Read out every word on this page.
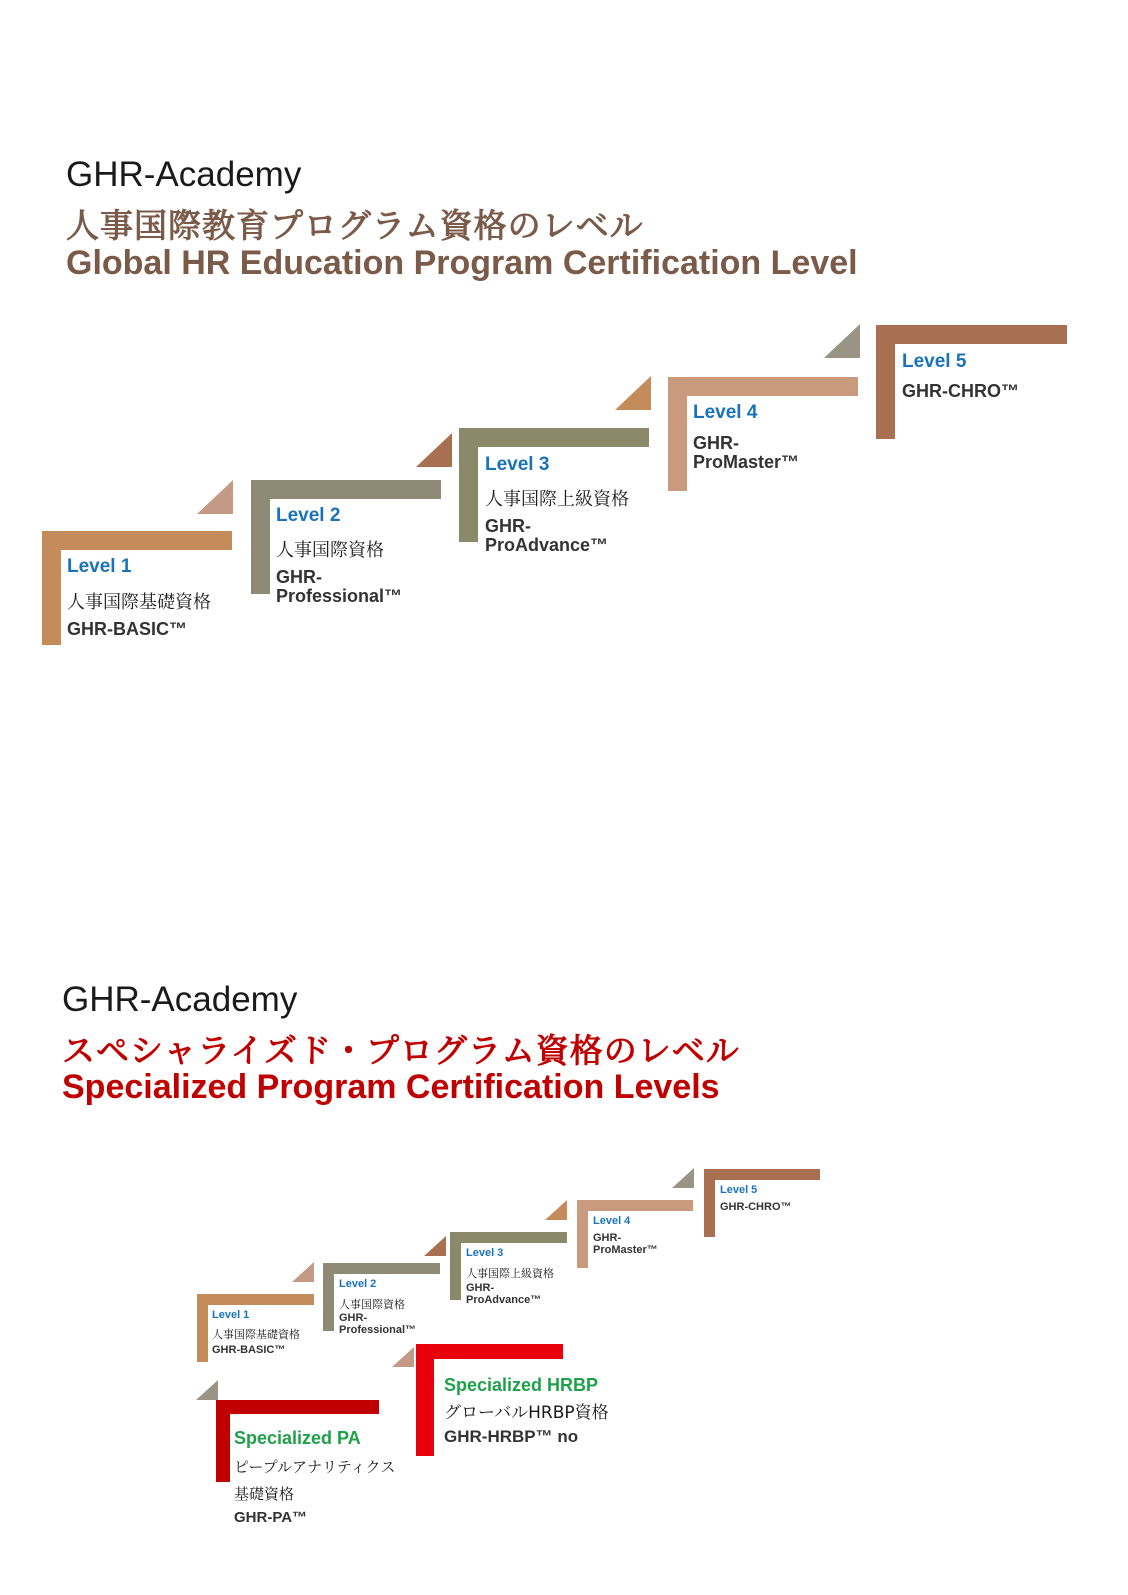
GHR-Academy
人事国際教育プログラム資格のレベル
Global HR Education Program Certification Level
Level 1
人事国際基礎資格
GHR-BASIC™
Level 2
人事国際資格
GHR-
Professional™
Level 3
人事国際上級資格
GHR-
ProAdvance™
Level 4
GHR-
ProMaster™
Level 5
GHR-CHRO™
GHR-Academy
スペシャライズド・プログラム資格のレベル
Specialized Program Certification Levels
Level 1
人事国際基礎資格
GHR-BASIC™
Level 2
人事国際資格
GHR-
Professional™
Level 3
人事国際上級資格
GHR-
ProAdvance™
Level 4
GHR-
ProMaster™
Level 5
GHR-CHRO™
Specialized PA
ピープルアナリティクス
基礎資格
GHR-PA™
Specialized HRBP
グローバルHRBP資格
GHR-HRBP™ no
